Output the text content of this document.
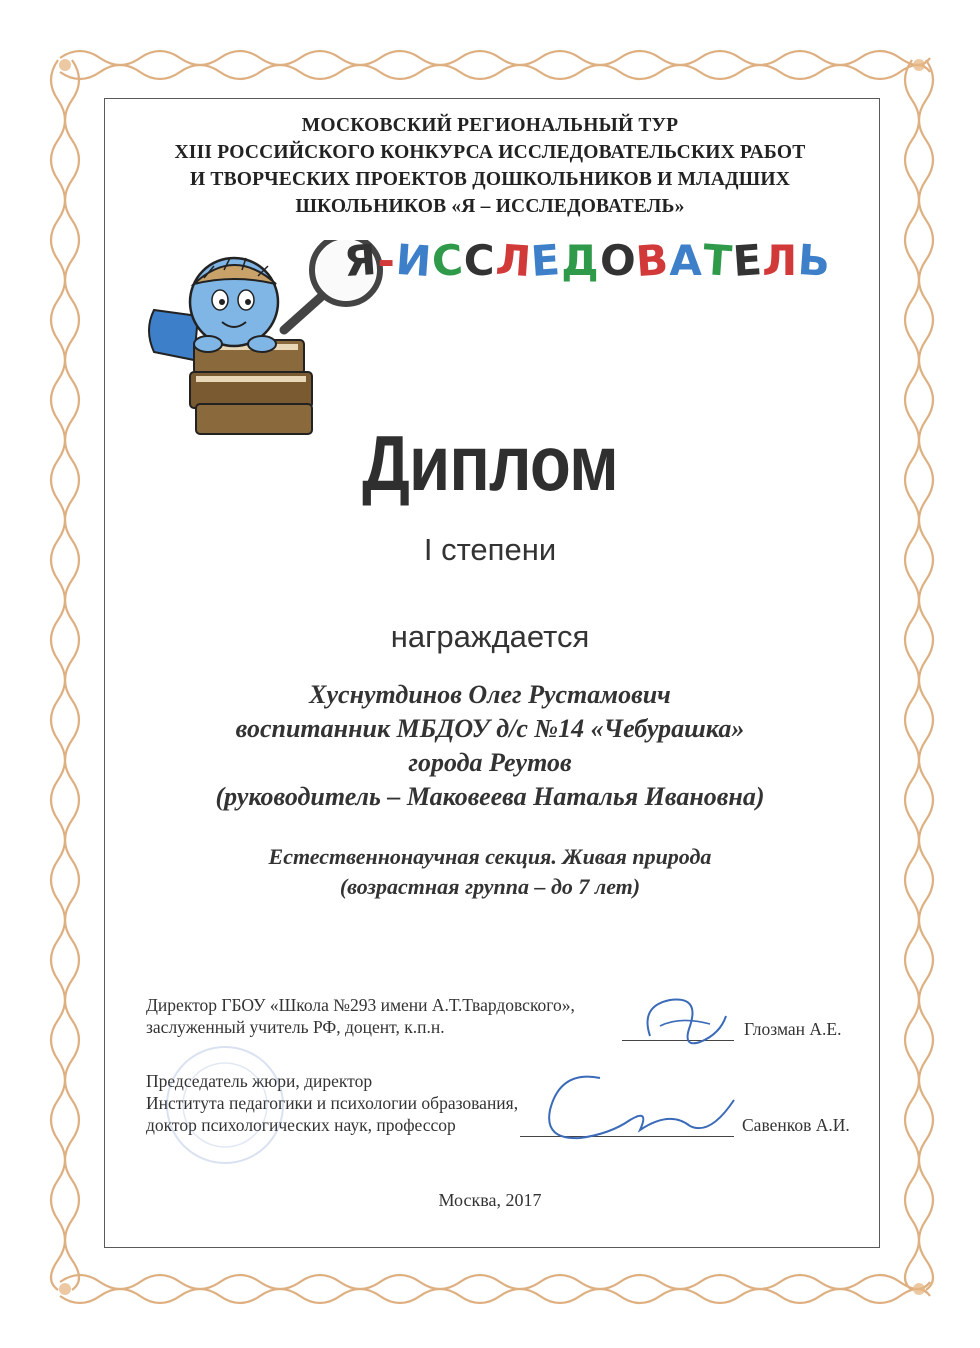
МОСКОВСКИЙ РЕГИОНАЛЬНЫЙ ТУР
XIII РОССИЙСКОГО КОНКУРСА ИССЛЕДОВАТЕЛЬСКИХ РАБОТ
И ТВОРЧЕСКИХ ПРОЕКТОВ ДОШКОЛЬНИКОВ И МЛАДШИХ
ШКОЛЬНИКОВ «Я – ИССЛЕДОВАТЕЛЬ»
Я-ИССЛЕДОВАТЕЛЬ
Диплом
I степени
награждается
Хуснутдинов Олег Рустамович
воспитанник МБДОУ д/с №14 «Чебурашка»
города Реутов
(руководитель – Маковеева Наталья Ивановна)
Естественнонаучная секция. Живая природа
(возрастная группа – до 7 лет)
Директор ГБОУ «Школа №293 имени А.Т.Твардовского»,
заслуженный учитель РФ, доцент, к.п.н.	Глозман А.Е.
Председатель жюри, директор
Института педагогики и психологии образования,
доктор психологических наук, профессор	Савенков А.И.
Москва, 2017
